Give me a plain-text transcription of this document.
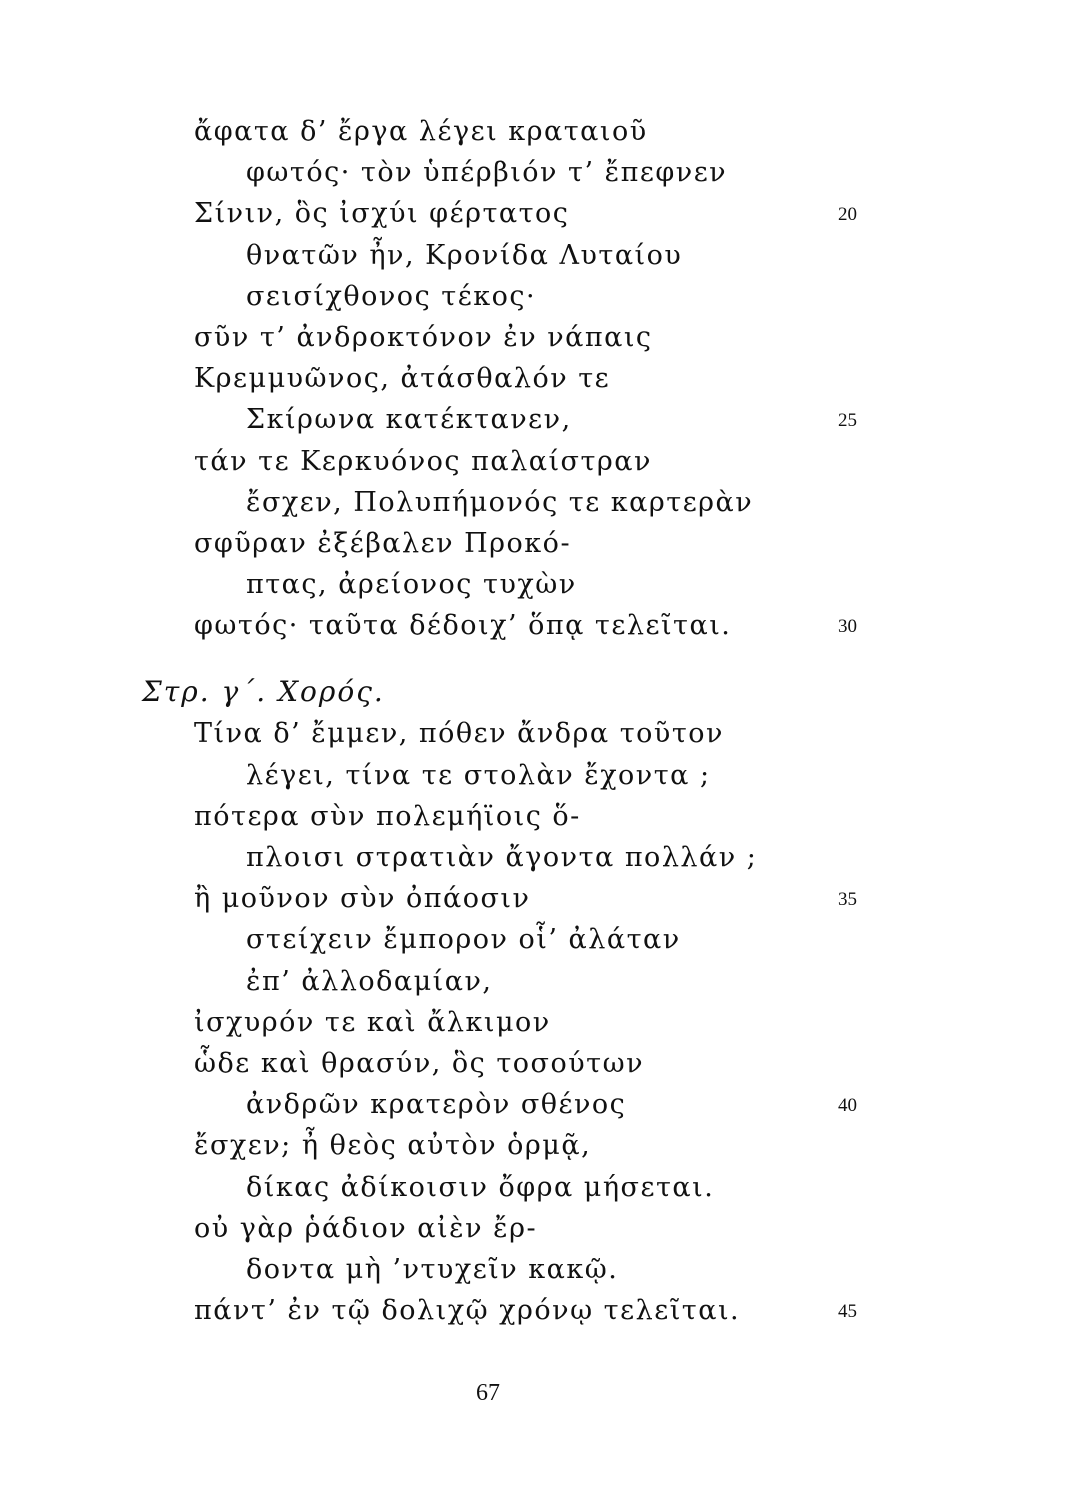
ἄφατα δ’ ἔργα λέγει κραταιοῦ
φωτός· τὸν ὑπέρβιόν τ’ ἔπεφνεν
Σίνιν, ὃς ἰσχύι φέρτατος	20
θνατῶν ἦν, Κρονίδα Λυταίου
σεισίχθονος τέκος·
σῦν τ’ ἀνδροκτόνον ἐν νάπαις
Κρεμμυῶνος, ἀτάσθαλόν τε
Σκίρωνα κατέκτανεν,	25
τάν τε Κερκυόνος παλαίστραν
ἔσχεν, Πολυπήμονός τε καρτερὰν
σφῦραν ἐξέβαλεν Προκό-
πτας, ἀρείονος τυχὼν
φωτός· ταῦτα δέδοιχ’ ὅπᾳ τελεῖται.	30
Στρ. γ΄. Χορός.
Τίνα δ’ ἔμμεν, πόθεν ἄνδρα τοῦτον
λέγει, τίνα τε στολὰν ἔχοντα ;
πότερα σὺν πολεμήϊοις ὅ-
πλοισι στρατιὰν ἄγοντα πολλάν ;
ἢ μοῦνον σὺν ὀπάοσιν	35
στείχειν ἔμπορον οἷ’ ἀλάταν
ἐπ’ ἀλλοδαμίαν,
ἰσχυρόν τε καὶ ἄλκιμον
ὧδε καὶ θρασύν, ὃς τοσούτων
ἀνδρῶν κρατερὸν σθένος	40
ἔσχεν; ἦ θεὸς αὐτὸν ὁρμᾷ,
δίκας ἀδίκοισιν ὄφρα μήσεται.
οὐ γὰρ ῥάδιον αἰὲν ἔρ-
δοντα μὴ ’ντυχεῖν κακῷ.
πάντ’ ἐν τῷ δολιχῷ χρόνῳ τελεῖται.	45
67
